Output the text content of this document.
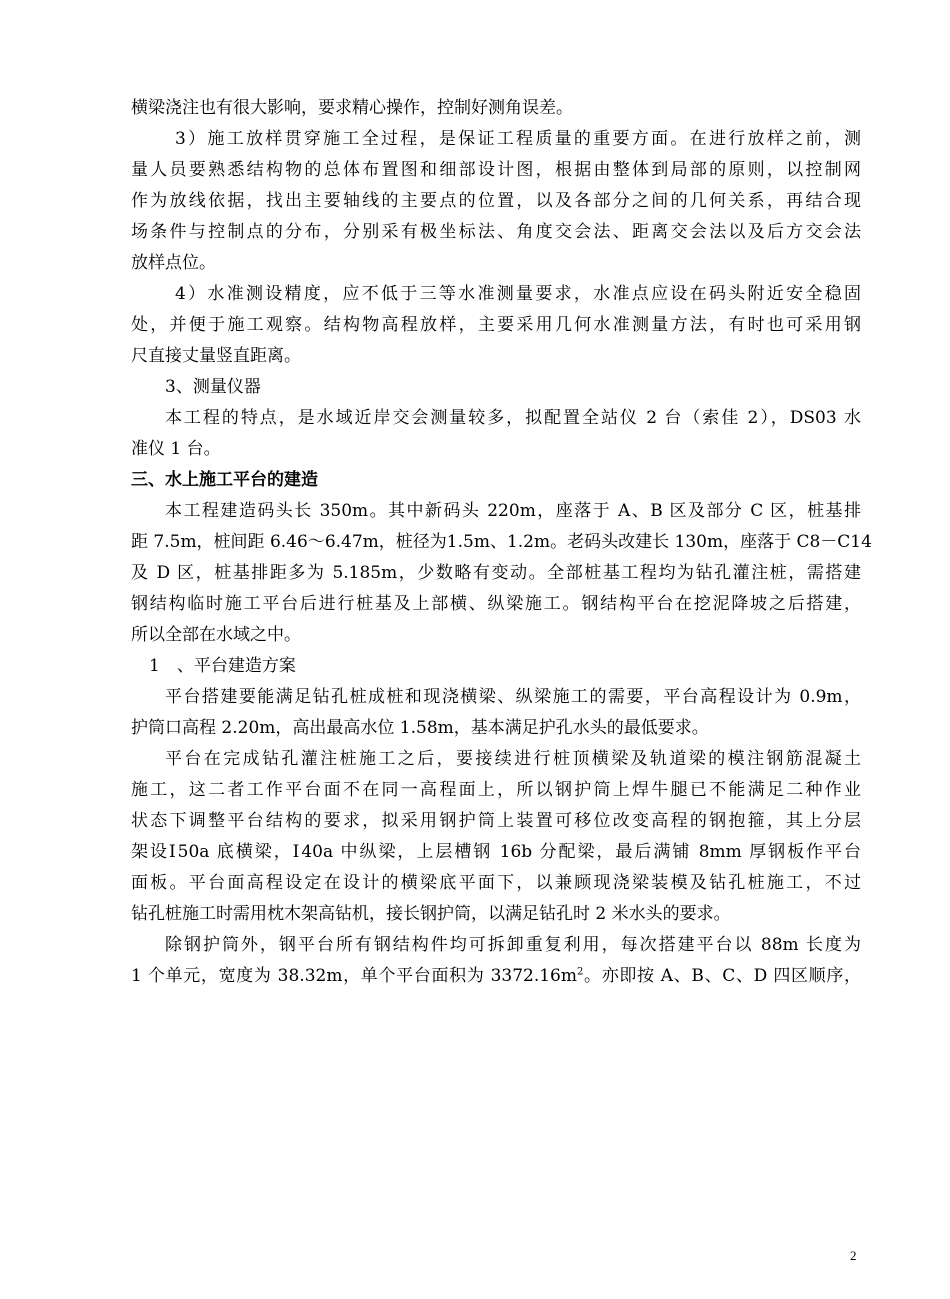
横梁浇注也有很大影响，要求精心操作，控制好测角误差。
3）施工放样贯穿施工全过程，是保证工程质量的重要方面。在进行放样之前，测
量人员要熟悉结构物的总体布置图和细部设计图，根据由整体到局部的原则，以控制网
作为放线依据，找出主要轴线的主要点的位置，以及各部分之间的几何关系，再结合现
场条件与控制点的分布，分别采有极坐标法、角度交会法、距离交会法以及后方交会法
放样点位。
4）水准测设精度，应不低于三等水准测量要求，水准点应设在码头附近安全稳固
处，并便于施工观察。结构物高程放样，主要采用几何水准测量方法，有时也可采用钢
尺直接丈量竖直距离。
3、测量仪器
本工程的特点，是水域近岸交会测量较多，拟配置全站仪 2 台（索佳 2），DS03 水
准仪 1 台。
三、水上施工平台的建造
本工程建造码头长 350m。其中新码头 220m，座落于 A、B 区及部分 C 区，桩基排
距 7.5m，桩间距 6.46～6.47m，桩径为1.5m、1.2m。老码头改建长 130m，座落于 C8－C14
及 D 区，桩基排距多为 5.185m，少数略有变动。全部桩基工程均为钻孔灌注桩，需搭建
钢结构临时施工平台后进行桩基及上部横、纵梁施工。钢结构平台在挖泥降坡之后搭建，
所以全部在水域之中。
1　、平台建造方案
平台搭建要能满足钻孔桩成桩和现浇横梁、纵梁施工的需要，平台高程设计为 0.9m，
护筒口高程 2.20m，高出最高水位 1.58m，基本满足护孔水头的最低要求。
平台在完成钻孔灌注桩施工之后，要接续进行桩顶横梁及轨道梁的模注钢筋混凝土
施工，这二者工作平台面不在同一高程面上，所以钢护筒上焊牛腿已不能满足二种作业
状态下调整平台结构的要求，拟采用钢护筒上装置可移位改变高程的钢抱箍，其上分层
架设Ⅰ50a 底横梁，Ⅰ40a 中纵梁，上层槽钢 16b 分配梁，最后满铺 8mm 厚钢板作平台
面板。平台面高程设定在设计的横梁底平面下，以兼顾现浇梁装模及钻孔桩施工，不过
钻孔桩施工时需用枕木架高钻机，接长钢护筒，以满足钻孔时 2 米水头的要求。
除钢护筒外，钢平台所有钢结构件均可拆卸重复利用，每次搭建平台以 88m 长度为
1 个单元，宽度为 38.32m，单个平台面积为 $3372.16m^2$。亦即按 A、B、C、D 四区顺序，
2
